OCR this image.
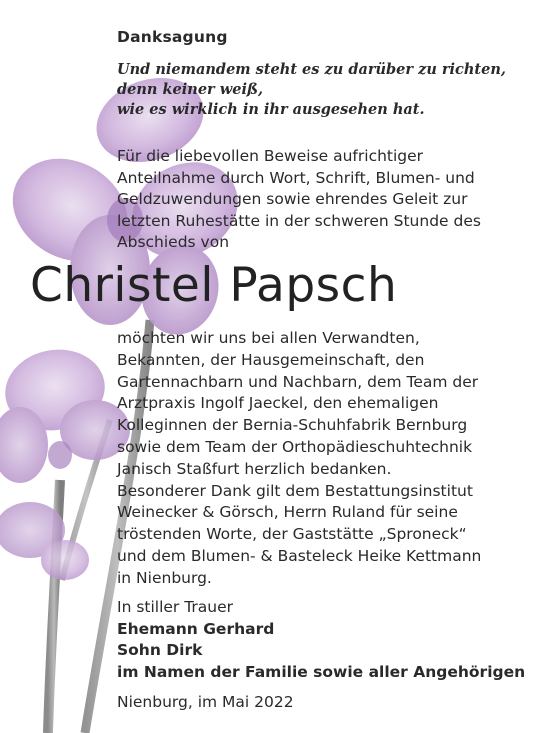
Danksagung
Und niemandem steht es zu darüber zu richten,
denn keiner weiß,
wie es wirklich in ihr ausgesehen hat.
Für die liebevollen Beweise aufrichtiger
Anteilnahme durch Wort, Schrift, Blumen- und
Geldzuwendungen sowie ehrendes Geleit zur
letzten Ruhestätte in der schweren Stunde des
Abschieds von
Christel Papsch
möchten wir uns bei allen Verwandten,
Bekannten, der Hausgemeinschaft, den
Gartennachbarn und Nachbarn, dem Team der
Arztpraxis Ingolf Jaeckel, den ehemaligen
Kolleginnen der Bernia-Schuhfabrik Bernburg
sowie dem Team der Orthopädieschuhtechnik
Janisch Staßfurt herzlich bedanken.
Besonderer Dank gilt dem Bestattungsinstitut
Weinecker & Görsch, Herrn Ruland für seine
tröstenden Worte, der Gaststätte „Sproneck“
und dem Blumen- & Basteleck Heike Kettmann
in Nienburg.
In stiller Trauer
Ehemann Gerhard
Sohn Dirk
im Namen der Familie sowie aller Angehörigen
Nienburg, im Mai 2022
